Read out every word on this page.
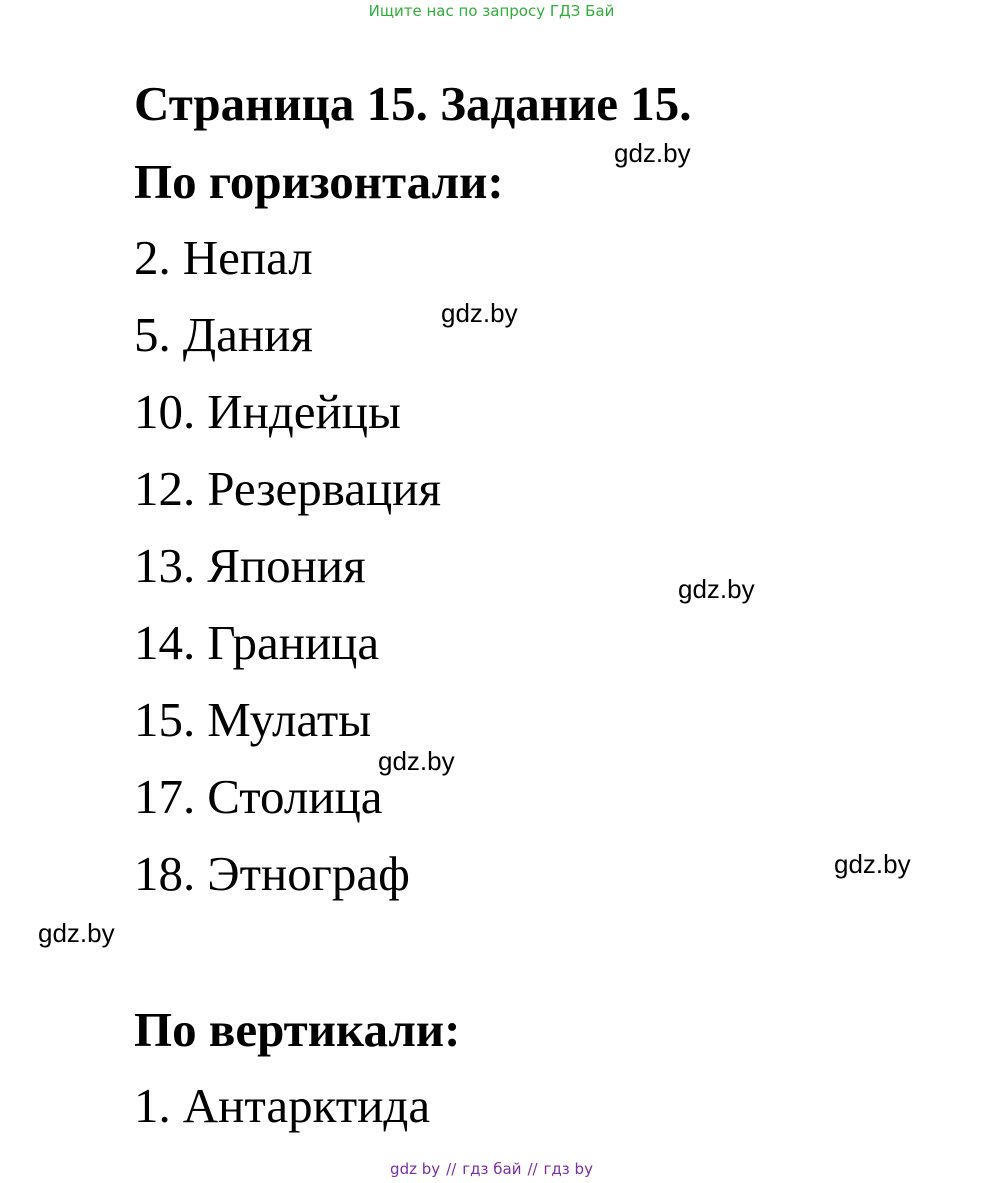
Ищите нас по запросу ГДЗ Бай
Страница 15. Задание 15.
По горизонтали:
2. Непал
5. Дания
10. Индейцы
12. Резервация
13. Япония
14. Граница
15. Мулаты
17. Столица
18. Этнограф
По вертикали:
1. Антарктида
gdz.by
gdz.by
gdz.by
gdz.by
gdz.by
gdz.by
gdz by // гдз бай // гдз by
